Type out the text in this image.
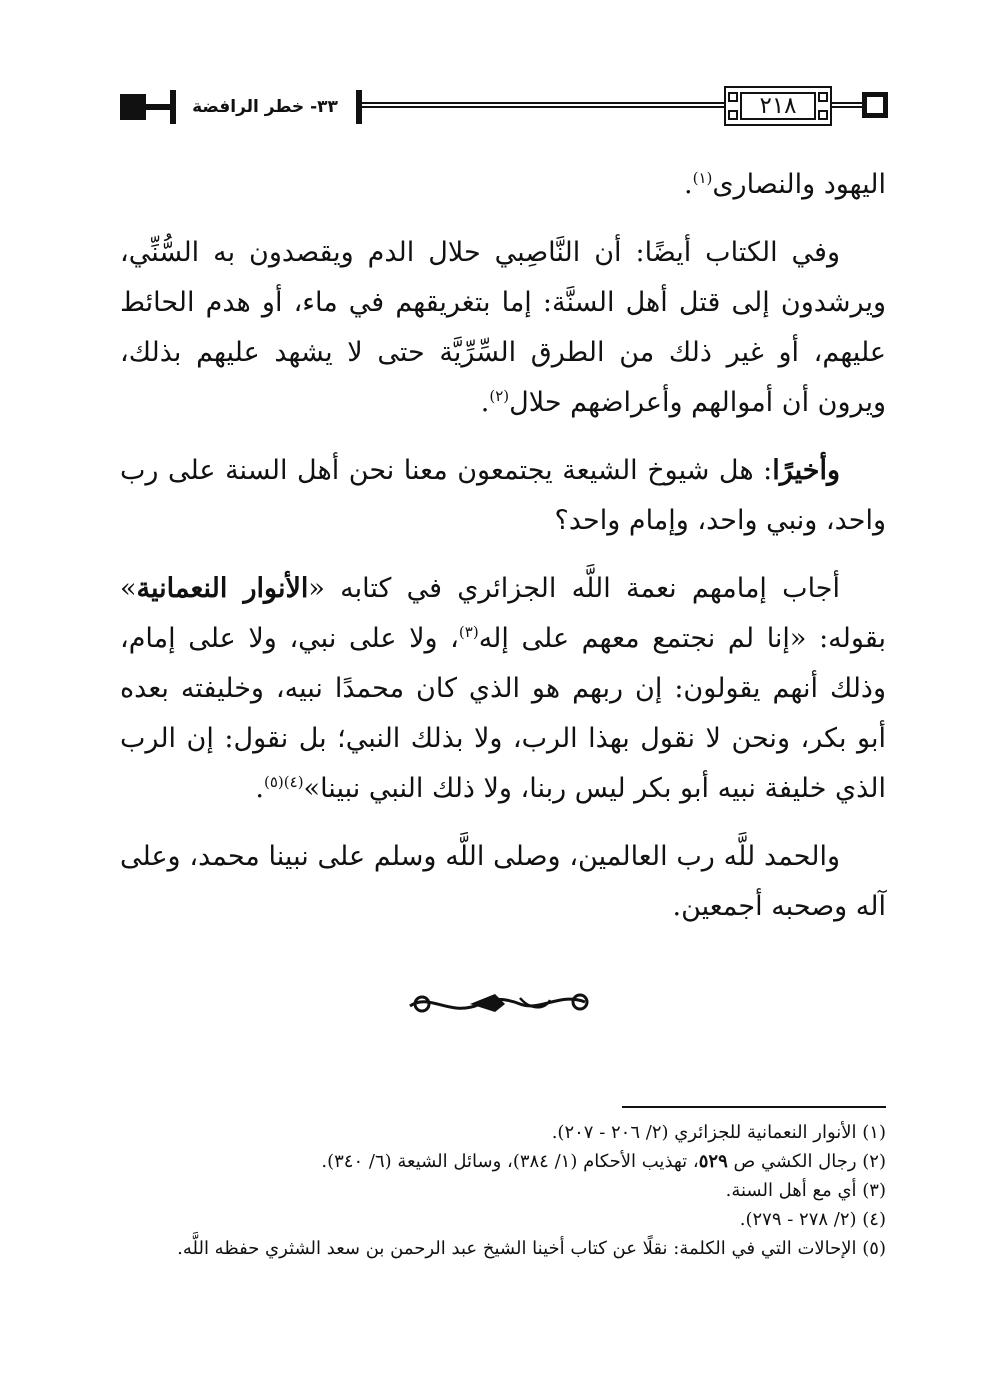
٣٣- خطر الرافضة	٢١٨

اليهود والنصارى$^{(١)}$.

وفي الكتاب أيضًا: أن النَّاصِبي حلال الدم ويقصدون به السُّنِّي، ويرشدون إلى قتل أهل السنَّة: إما بتغريقهم في ماء، أو هدم الحائط عليهم، أو غير ذلك من الطرق السِّرِّيَّة حتى لا يشهد عليهم بذلك، ويرون أن أموالهم وأعراضهم حلال$^{(٢)}$.

وأخيرًا: هل شيوخ الشيعة يجتمعون معنا نحن أهل السنة على رب واحد، ونبي واحد، وإمام واحد؟

أجاب إمامهم نعمة اللَّه الجزائري في كتابه «الأنوار النعمانية» بقوله: «إنا لم نجتمع معهم على إله$^{(٣)}$، ولا على نبي، ولا على إمام، وذلك أنهم يقولون: إن ربهم هو الذي كان محمدًا نبيه، وخليفته بعده أبو بكر، ونحن لا نقول بهذا الرب، ولا بذلك النبي؛ بل نقول: إن الرب الذي خليفة نبيه أبو بكر ليس ربنا، ولا ذلك النبي نبينا»$^{(٤)(٥)}$.

والحمد للَّه رب العالمين، وصلى اللَّه وسلم على نبينا محمد، وعلى آله وصحبه أجمعين.

(١) الأنوار النعمانية للجزائري (٢/ ٢٠٦ - ٢٠٧).

(٢) رجال الكشي ص ٥٢٩، تهذيب الأحكام (١/ ٣٨٤)، وسائل الشيعة (٦/ ٣٤٠).

(٣) أي مع أهل السنة.

(٤) (٢/ ٢٧٨ - ٢٧٩).

(٥) الإحالات التي في الكلمة: نقلًا عن كتاب أخينا الشيخ عبد الرحمن بن سعد الشثري حفظه اللَّه.
